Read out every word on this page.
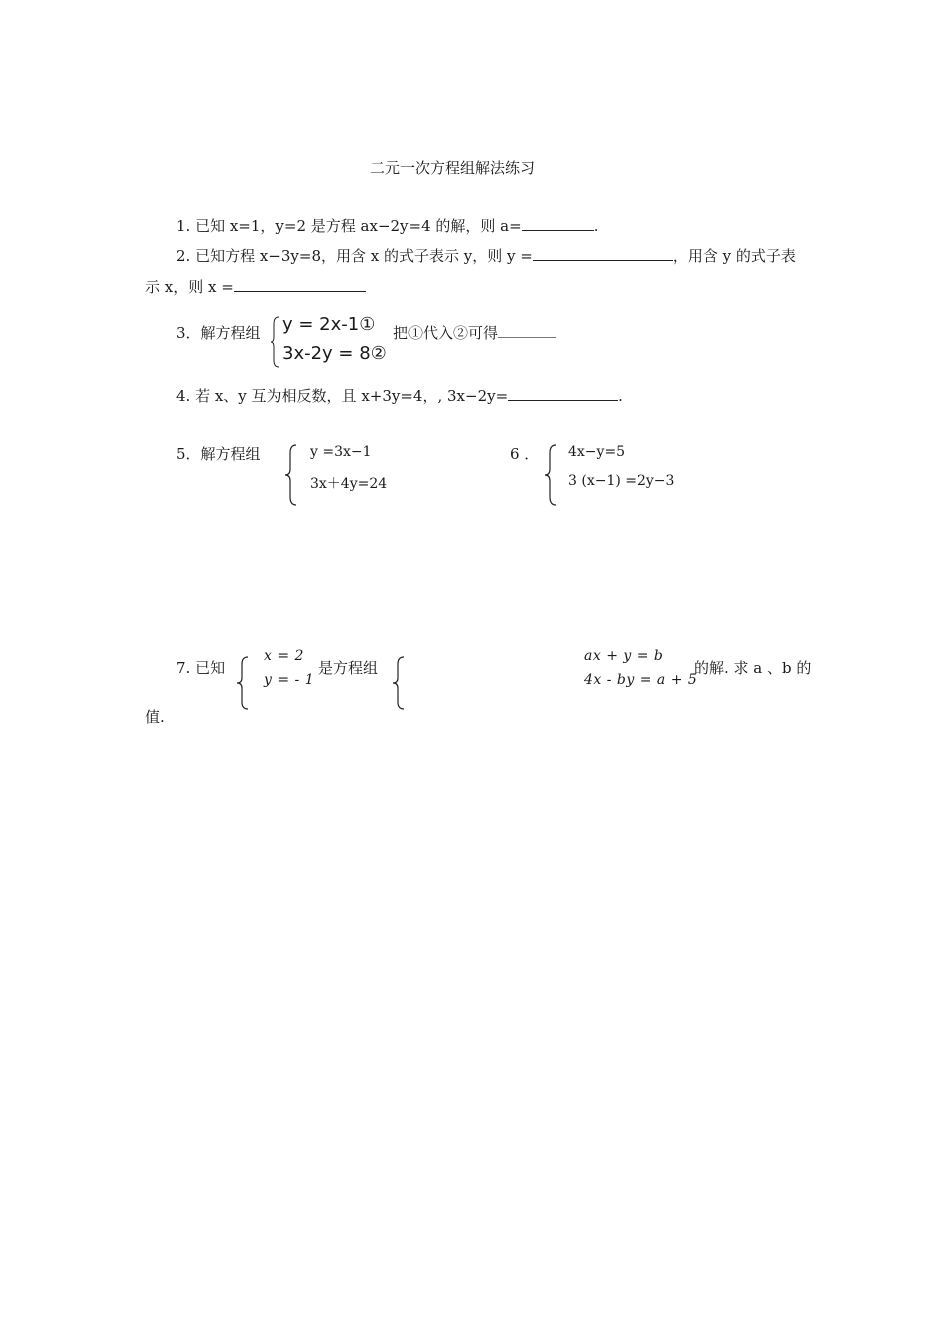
二元一次方程组解法练习
1. 已知 x=1，y=2 是方程 ax−2y=4 的解，则 a=	.
2. 已知方程 x−3y=8，用含 x 的式子表示 y，则 y =	，用含 y 的式子表
示 x，则 x =
3．解方程组 y = 2x-1①
3x-2y = 8②
把①代入②可得
4. 若 x、y 互为相反数，且 x+3y=4，, 3x−2y=	.
5．解方程组	y =3x−1
3x＋4y=24
6 ． 4x−y=5
3 (x−1) =2y−3
7. 已知
x = 2
y = - 1
是方程组
ax + y = b
4x - by = a + 5
的解. 求 a 、b 的
值.
